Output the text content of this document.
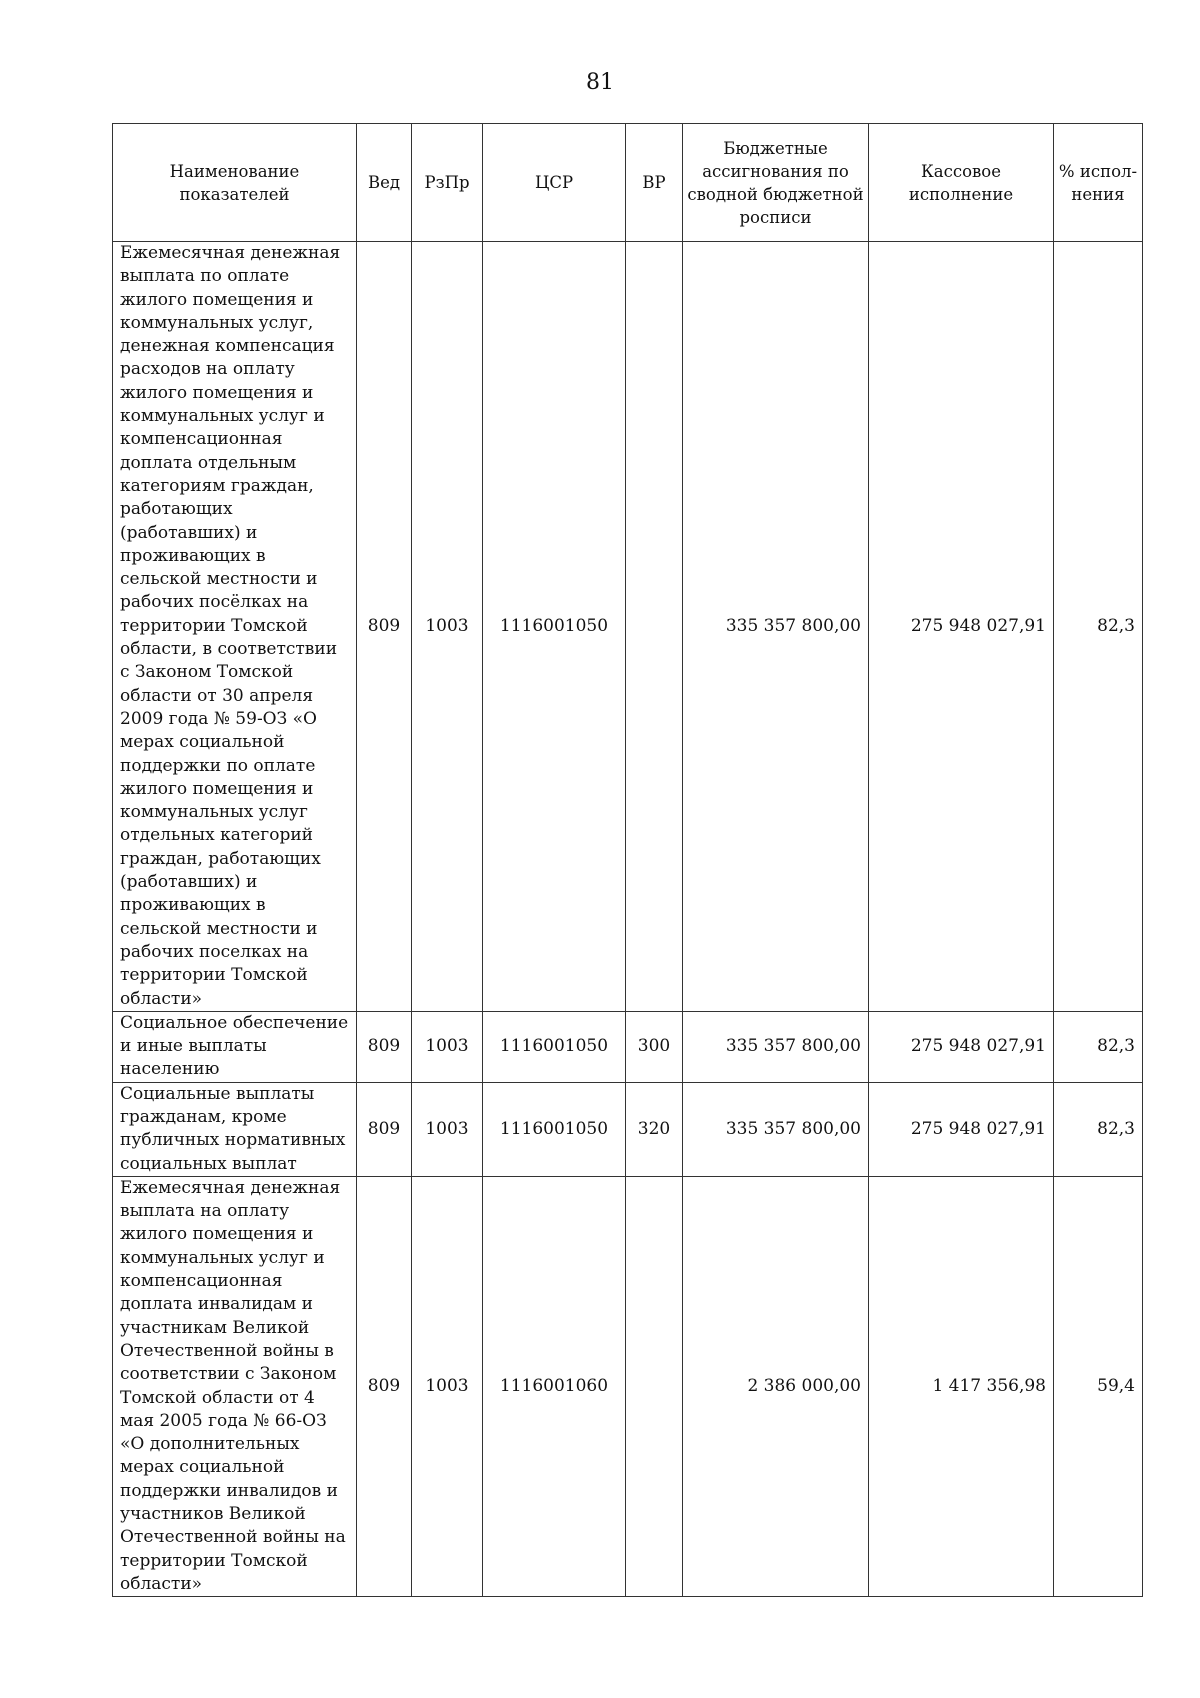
81
Наименование показателей	Вед	РзПр	ЦСР	ВР	Бюджетные ассигнования по сводной бюджетной росписи	Кассовое исполнение	% испол-нения
Ежемесячная денежная выплата по оплате жилого помещения и коммунальных услуг, денежная компенсация расходов на оплату жилого помещения и коммунальных услуг и компенсационная доплата отдельным категориям граждан, работающих (работавших) и проживающих в сельской местности и рабочих посёлках на территории Томской области, в соответствии с Законом Томской области от 30 апреля 2009 года № 59-ОЗ «О мерах социальной поддержки по оплате жилого помещения и коммунальных услуг отдельных категорий граждан, работающих (работавших) и проживающих в сельской местности и рабочих поселках на территории Томской области»	809	1003	1116001050		335 357 800,00	275 948 027,91	82,3
Социальное обеспечение и иные выплаты населению	809	1003	1116001050	300	335 357 800,00	275 948 027,91	82,3
Социальные выплаты гражданам, кроме публичных нормативных социальных выплат	809	1003	1116001050	320	335 357 800,00	275 948 027,91	82,3
Ежемесячная денежная выплата на оплату жилого помещения и коммунальных услуг и компенсационная доплата инвалидам и участникам Великой Отечественной войны в соответствии с Законом Томской области от 4 мая 2005 года № 66-ОЗ «О дополнительных мерах социальной поддержки инвалидов и участников Великой Отечественной войны на территории Томской области»	809	1003	1116001060		2 386 000,00	1 417 356,98	59,4
